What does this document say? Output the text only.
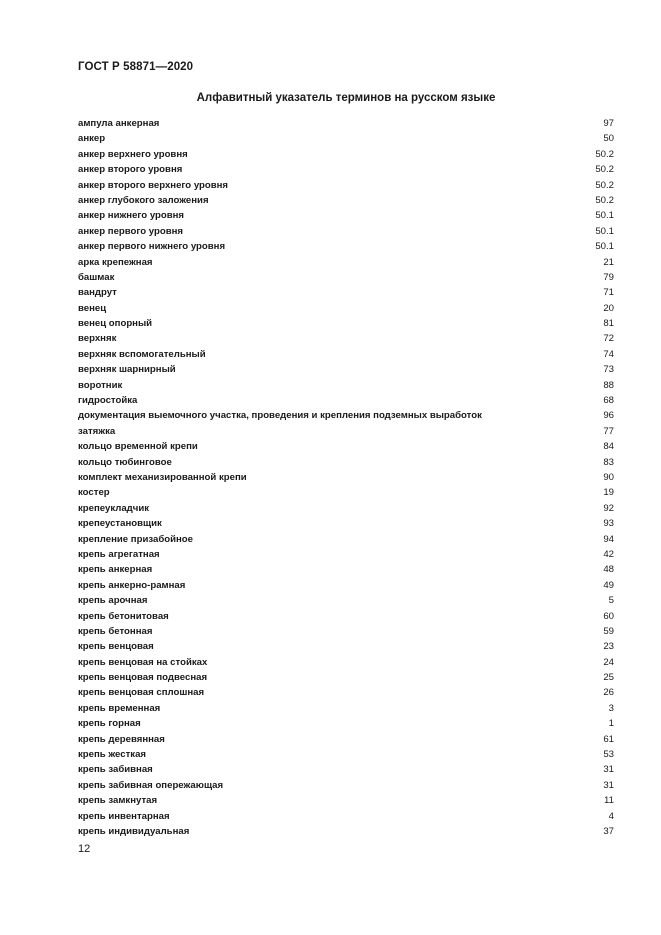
ГОСТ Р 58871—2020
Алфавитный указатель терминов на русском языке
ампула анкерная	97
анкер	50
анкер верхнего уровня	50.2
анкер второго уровня	50.2
анкер второго верхнего уровня	50.2
анкер глубокого заложения	50.2
анкер нижнего уровня	50.1
анкер первого уровня	50.1
анкер первого нижнего уровня	50.1
арка крепежная	21
башмак	79
вандрут	71
венец	20
венец опорный	81
верхняк	72
верхняк вспомогательный	74
верхняк шарнирный	73
воротник	88
гидростойка	68
документация выемочного участка, проведения и крепления подземных выработок	96
затяжка	77
кольцо временной крепи	84
кольцо тюбинговое	83
комплект механизированной крепи	90
костер	19
крепеукладчик	92
крепеустановщик	93
крепление призабойное	94
крепь агрегатная	42
крепь анкерная	48
крепь анкерно-рамная	49
крепь арочная	5
крепь бетонитовая	60
крепь бетонная	59
крепь венцовая	23
крепь венцовая на стойках	24
крепь венцовая подвесная	25
крепь венцовая сплошная	26
крепь временная	3
крепь горная	1
крепь деревянная	61
крепь жесткая	53
крепь забивная	31
крепь забивная опережающая	31
крепь замкнутая	11
крепь инвентарная	4
крепь индивидуальная	37
12
